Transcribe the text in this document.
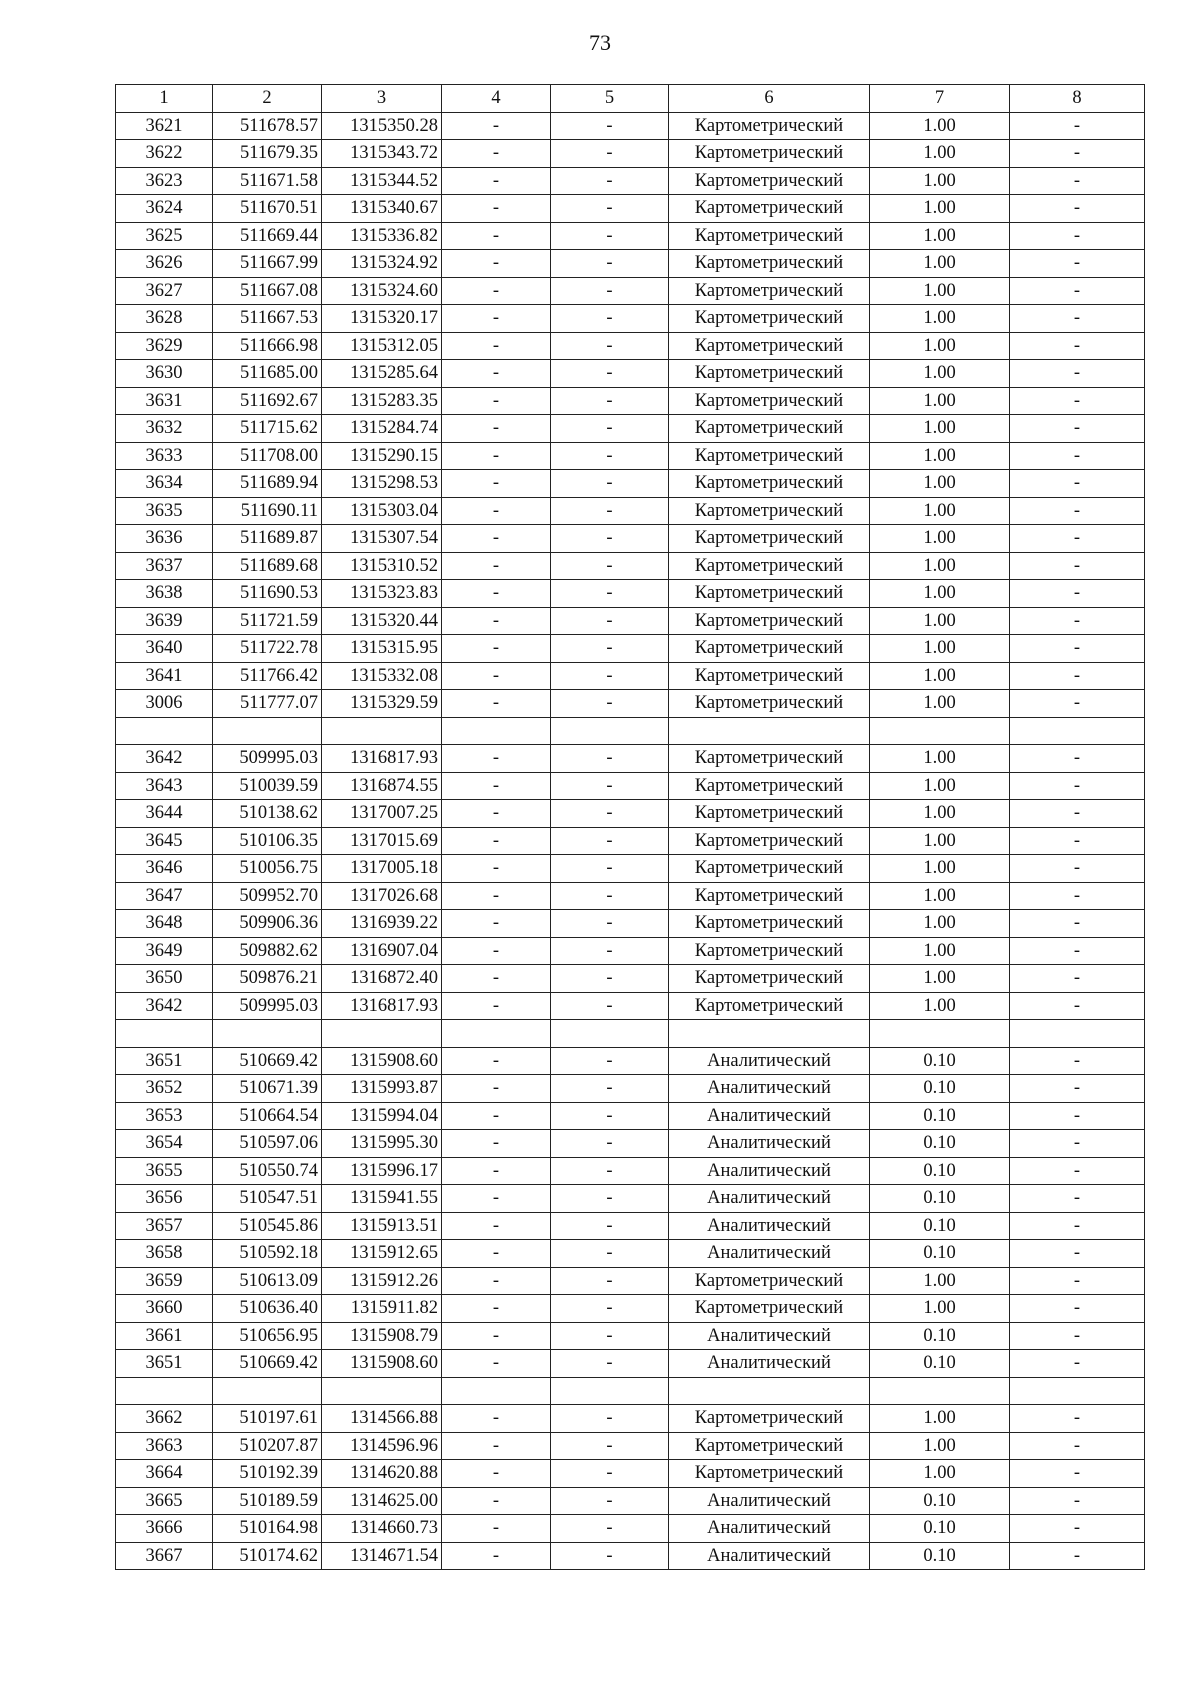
73
1	2	3	4	5	6	7	8
3621	511678.57	1315350.28	-	-	Картометрический	1.00	-
3622	511679.35	1315343.72	-	-	Картометрический	1.00	-
3623	511671.58	1315344.52	-	-	Картометрический	1.00	-
3624	511670.51	1315340.67	-	-	Картометрический	1.00	-
3625	511669.44	1315336.82	-	-	Картометрический	1.00	-
3626	511667.99	1315324.92	-	-	Картометрический	1.00	-
3627	511667.08	1315324.60	-	-	Картометрический	1.00	-
3628	511667.53	1315320.17	-	-	Картометрический	1.00	-
3629	511666.98	1315312.05	-	-	Картометрический	1.00	-
3630	511685.00	1315285.64	-	-	Картометрический	1.00	-
3631	511692.67	1315283.35	-	-	Картометрический	1.00	-
3632	511715.62	1315284.74	-	-	Картометрический	1.00	-
3633	511708.00	1315290.15	-	-	Картометрический	1.00	-
3634	511689.94	1315298.53	-	-	Картометрический	1.00	-
3635	511690.11	1315303.04	-	-	Картометрический	1.00	-
3636	511689.87	1315307.54	-	-	Картометрический	1.00	-
3637	511689.68	1315310.52	-	-	Картометрический	1.00	-
3638	511690.53	1315323.83	-	-	Картометрический	1.00	-
3639	511721.59	1315320.44	-	-	Картометрический	1.00	-
3640	511722.78	1315315.95	-	-	Картометрический	1.00	-
3641	511766.42	1315332.08	-	-	Картометрический	1.00	-
3006	511777.07	1315329.59	-	-	Картометрический	1.00	-

3642	509995.03	1316817.93	-	-	Картометрический	1.00	-
3643	510039.59	1316874.55	-	-	Картометрический	1.00	-
3644	510138.62	1317007.25	-	-	Картометрический	1.00	-
3645	510106.35	1317015.69	-	-	Картометрический	1.00	-
3646	510056.75	1317005.18	-	-	Картометрический	1.00	-
3647	509952.70	1317026.68	-	-	Картометрический	1.00	-
3648	509906.36	1316939.22	-	-	Картометрический	1.00	-
3649	509882.62	1316907.04	-	-	Картометрический	1.00	-
3650	509876.21	1316872.40	-	-	Картометрический	1.00	-
3642	509995.03	1316817.93	-	-	Картометрический	1.00	-

3651	510669.42	1315908.60	-	-	Аналитический	0.10	-
3652	510671.39	1315993.87	-	-	Аналитический	0.10	-
3653	510664.54	1315994.04	-	-	Аналитический	0.10	-
3654	510597.06	1315995.30	-	-	Аналитический	0.10	-
3655	510550.74	1315996.17	-	-	Аналитический	0.10	-
3656	510547.51	1315941.55	-	-	Аналитический	0.10	-
3657	510545.86	1315913.51	-	-	Аналитический	0.10	-
3658	510592.18	1315912.65	-	-	Аналитический	0.10	-
3659	510613.09	1315912.26	-	-	Картометрический	1.00	-
3660	510636.40	1315911.82	-	-	Картометрический	1.00	-
3661	510656.95	1315908.79	-	-	Аналитический	0.10	-
3651	510669.42	1315908.60	-	-	Аналитический	0.10	-

3662	510197.61	1314566.88	-	-	Картометрический	1.00	-
3663	510207.87	1314596.96	-	-	Картометрический	1.00	-
3664	510192.39	1314620.88	-	-	Картометрический	1.00	-
3665	510189.59	1314625.00	-	-	Аналитический	0.10	-
3666	510164.98	1314660.73	-	-	Аналитический	0.10	-
3667	510174.62	1314671.54	-	-	Аналитический	0.10	-
